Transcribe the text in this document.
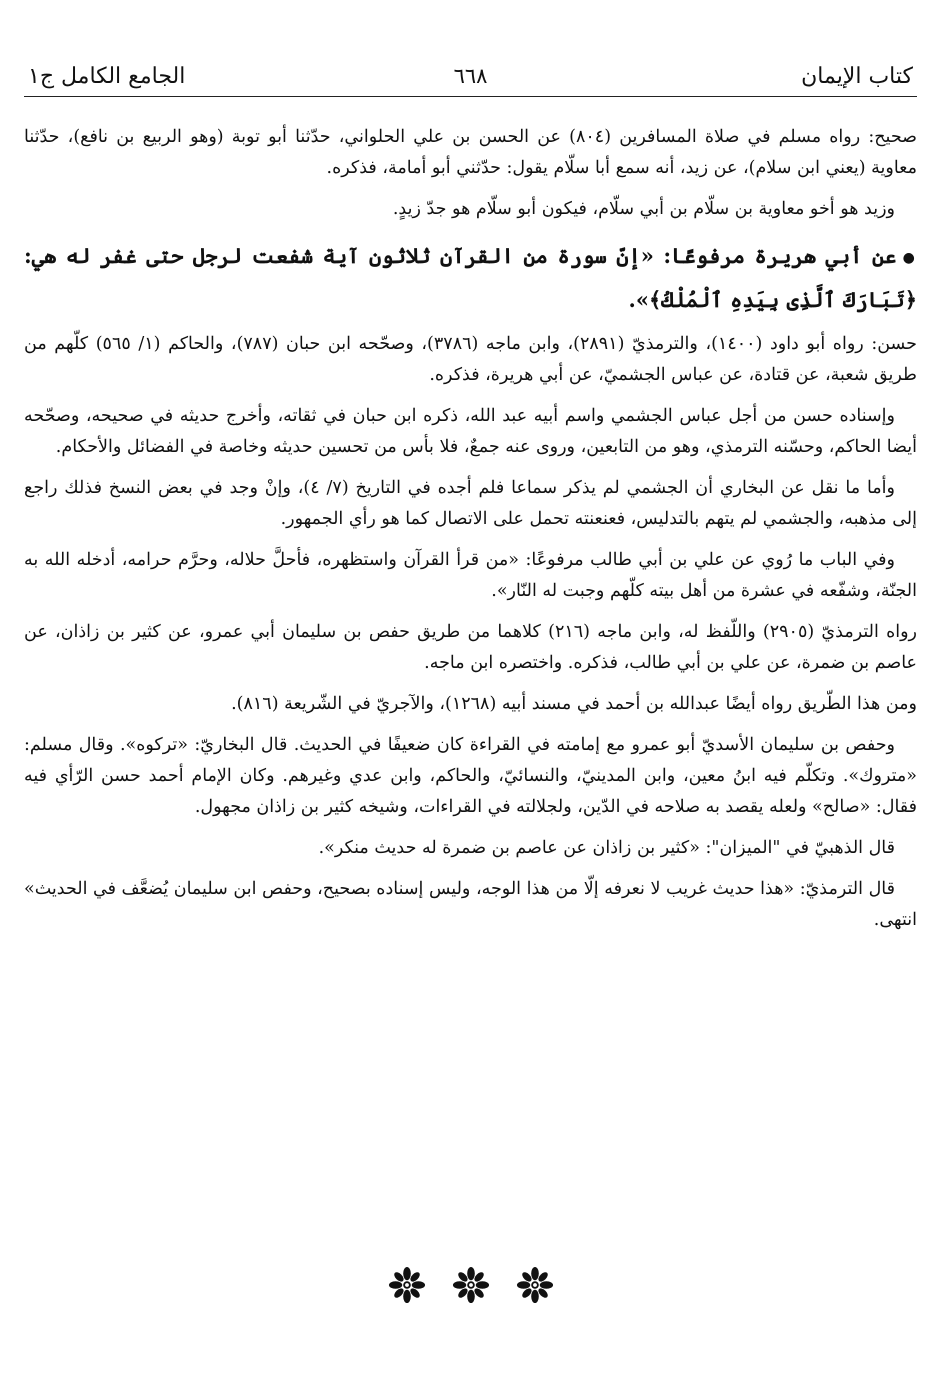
كتاب الإيمان
٦٦٨
الجامع الكامل ج١

صحيح: رواه مسلم في صلاة المسافرين (٨٠٤) عن الحسن بن علي الحلواني، حدّثنا أبو توبة (وهو الربيع بن نافع)، حدّثنا معاوية (يعني ابن سلام)، عن زيد، أنه سمع أبا سلّام يقول: حدّثني أبو أمامة، فذكره.

وزيد هو أخو معاوية بن سلّام بن أبي سلّام، فيكون أبو سلّام هو جدّ زيدٍ.

●عن أبي هريرة مرفوعًا: «إنّ سورة من القرآن ثلاثون آية شفعت لرجل حتى غفر له هي: ﴿تَبَارَكَ ٱلَّذِى بِيَدِهِ ٱلْمُلْكُ﴾».

حسن: رواه أبو داود (١٤٠٠)، والترمذيّ (٢٨٩١)، وابن ماجه (٣٧٨٦)، وصحّحه ابن حبان (٧٨٧)، والحاكم (١/ ٥٦٥) كلّهم من طريق شعبة، عن قتادة، عن عباس الجشميّ، عن أبي هريرة، فذكره.

وإسناده حسن من أجل عباس الجشمي واسم أبيه عبد الله، ذكره ابن حبان في ثقاته، وأخرج حديثه في صحيحه، وصحّحه أيضا الحاكم، وحسّنه الترمذي، وهو من التابعين، وروى عنه جمعٌ، فلا بأس من تحسين حديثه وخاصة في الفضائل والأحكام.

وأما ما نقل عن البخاري أن الجشمي لم يذكر سماعا فلم أجده في التاريخ (٧/ ٤)، وإنْ وجد في بعض النسخ فذلك راجع إلى مذهبه، والجشمي لم يتهم بالتدليس، فعنعنته تحمل على الاتصال كما هو رأي الجمهور.

وفي الباب ما رُوي عن علي بن أبي طالب مرفوعًا: «من قرأ القرآن واستظهره، فأحلَّ حلاله، وحرَّم حرامه، أدخله الله به الجنّة، وشفّعه في عشرة من أهل بيته كلّهم وجبت له النّار».

رواه الترمذيّ (٢٩٠٥) واللّفظ له، وابن ماجه (٢١٦) كلاهما من طريق حفص بن سليمان أبي عمرو، عن كثير بن زاذان، عن عاصم بن ضمرة، عن علي بن أبي طالب، فذكره. واختصره ابن ماجه.

ومن هذا الطّريق رواه أيضًا عبدالله بن أحمد في مسند أبيه (١٢٦٨)، والآجريّ في الشّريعة (٨١٦).

وحفص بن سليمان الأسديّ أبو عمرو مع إمامته في القراءة كان ضعيفًا في الحديث. قال البخاريّ: «تركوه». وقال مسلم: «متروك». وتكلّم فيه ابنُ معين، وابن المدينيّ، والنسائيّ، والحاكم، وابن عدي وغيرهم. وكان الإمام أحمد حسن الرّأي فيه فقال: «صالح» ولعله يقصد به صلاحه في الدّين، ولجلالته في القراءات، وشيخه كثير بن زاذان مجهول.

قال الذهبيّ في "الميزان": «كثير بن زاذان عن عاصم بن ضمرة له حديث منكر».

قال الترمذيّ: «هذا حديث غريب لا نعرفه إلّا من هذا الوجه، وليس إسناده بصحيح، وحفص ابن سليمان يُضعَّف في الحديث» انتهى.
